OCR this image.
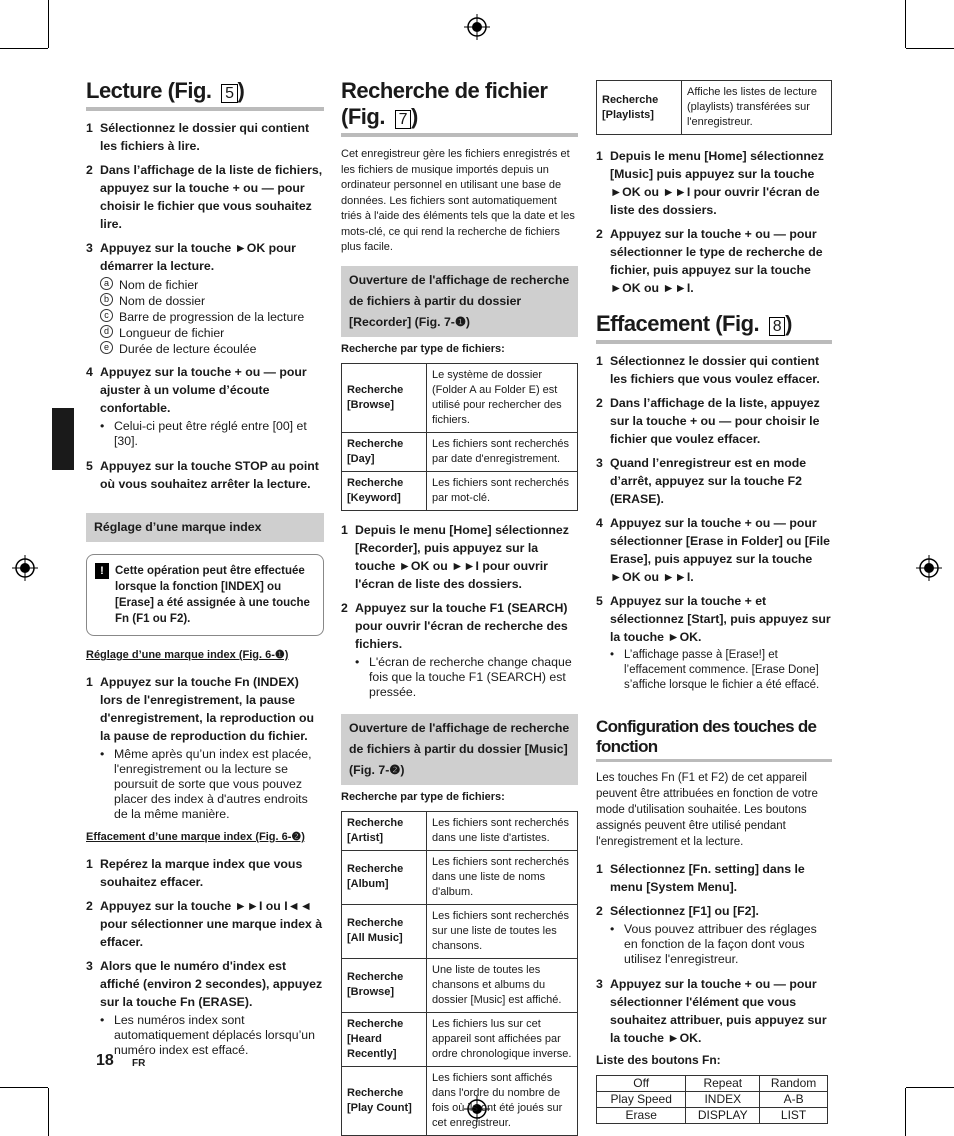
Lecture (Fig. 5 )
1 Sélectionnez le dossier qui contient les fichiers à lire.
2 Dans l’affichage de la liste de fichiers, appuyez sur la touche + ou — pour choisir le fichier que vous souhaitez lire.
3 Appuyez sur la touche ►OK pour démarrer la lecture.
a Nom de fichier
b Nom de dossier
c Barre de progression de la lecture
d Longueur de fichier
e Durée de lecture écoulée
4 Appuyez sur la touche + ou — pour ajuster à un volume d’écoute confortable.
• Celui-ci peut être réglé entre [00] et [30].
5 Appuyez sur la touche STOP au point où vous souhaitez arrêter la lecture.
Réglage d’une marque index
! Cette opération peut être effectuée lorsque la fonction [INDEX] ou [Erase] a été assignée à une touche Fn (F1 ou F2).
Réglage d’une marque index (Fig. 6-❶)
1 Appuyez sur la touche Fn (INDEX) lors de l'enregistrement, la pause d'enregistrement, la reproduction ou la pause de reproduction du fichier.
• Même après qu’un index est placée, l'enregistrement ou la lecture se poursuit de sorte que vous pouvez placer des index à d'autres endroits de la même manière.
Effacement d’une marque index (Fig. 6-❷)
1 Repérez la marque index que vous souhaitez effacer.
2 Appuyez sur la touche ►►I ou I◄◄ pour sélectionner une marque index à effacer.
3 Alors que le numéro d'index est affiché (environ 2 secondes), appuyez sur la touche Fn (ERASE).
• Les numéros index sont automatiquement déplacés lorsqu’un numéro index est effacé.
Recherche de fichier (Fig. 7 )

Cet enregistreur gère les fichiers enregistrés et les fichiers de musique importés depuis un ordinateur personnel en utilisant une base de données. Les fichiers sont automatiquement triés à l'aide des éléments tels que la date et les mots-clé, ce qui rend la recherche de fichiers plus facile.

Ouverture de l'affichage de recherche de fichiers à partir du dossier [Recorder] (Fig. 7-❶)
Recherche par type de fichiers:
Recherche [Browse]	Le système de dossier (Folder A au Folder E) est utilisé pour rechercher des fichiers.
Recherche [Day]	Les fichiers sont recherchés par date d'enregistrement.
Recherche [Keyword]	Les fichiers sont recherchés par mot-clé.
1 Depuis le menu [Home] sélectionnez [Recorder], puis appuyez sur la touche ►OK ou ►►I pour ouvrir l'écran de liste des dossiers.
2 Appuyez sur la touche F1 (SEARCH) pour ouvrir l'écran de recherche des fichiers.
• L'écran de recherche change chaque fois que la touche F1 (SEARCH) est pressée.
Ouverture de l'affichage de recherche de fichiers à partir du dossier [Music] (Fig. 7-❷)
Recherche par type de fichiers:
Recherche [Artist]	Les fichiers sont recherchés dans une liste d'artistes.
Recherche [Album]	Les fichiers sont recherchés dans une liste de noms d'album.
Recherche [All Music]	Les fichiers sont recherchés sur une liste de toutes les chansons.
Recherche [Browse]	Une liste de toutes les chansons et albums du dossier [Music] est affiché.
Recherche [Heard Recently]	Les fichiers lus sur cet appareil sont affichées par ordre chronologique inverse.
Recherche [Play Count]	Les fichiers sont affichés dans l'ordre du nombre de fois où ils ont été joués sur cet enregistreur.
Recherche [Playlists]	Affiche les listes de lecture (playlists) transférées sur l'enregistreur.
1 Depuis le menu [Home] sélectionnez [Music] puis appuyez sur la touche ►OK ou ►►I pour ouvrir l'écran de liste des dossiers.
2 Appuyez sur la touche + ou — pour sélectionner le type de recherche de fichier, puis appuyez sur la touche ►OK ou ►►I.
Effacement (Fig. 8 )
1 Sélectionnez le dossier qui contient les fichiers que vous voulez effacer.
2 Dans l’affichage de la liste, appuyez sur la touche + ou — pour choisir le fichier que voulez effacer.
3 Quand l’enregistreur est en mode d’arrêt, appuyez sur la touche F2 (ERASE).
4 Appuyez sur la touche + ou — pour sélectionner [Erase in Folder] ou [File Erase], puis appuyez sur la touche ►OK ou ►►I.
5 Appuyez sur la touche + et sélectionnez [Start], puis appuyez sur la touche ►OK.
• L’affichage passe à [Erase!] et l’effacement commence. [Erase Done] s’affiche lorsque le fichier a été effacé.
Configuration des touches de fonction

Les touches Fn (F1 et F2) de cet appareil peuvent être attribuées en fonction de votre mode d'utilisation souhaitée. Les boutons assignés peuvent être utilisé pendant l'enregistrement et la lecture.

1 Sélectionnez [Fn. setting] dans le menu [System Menu].
2 Sélectionnez [F1] ou [F2].
• Vous pouvez attribuer des réglages en fonction de la façon dont vous utilisez l'enregistreur.
3 Appuyez sur la touche + ou — pour sélectionner l'élément que vous souhaitez attribuer, puis appuyez sur la touche ►OK.
Liste des boutons Fn:
Off	Repeat	Random
Play Speed	INDEX	A-B
Erase	DISPLAY	LIST
18 FR
